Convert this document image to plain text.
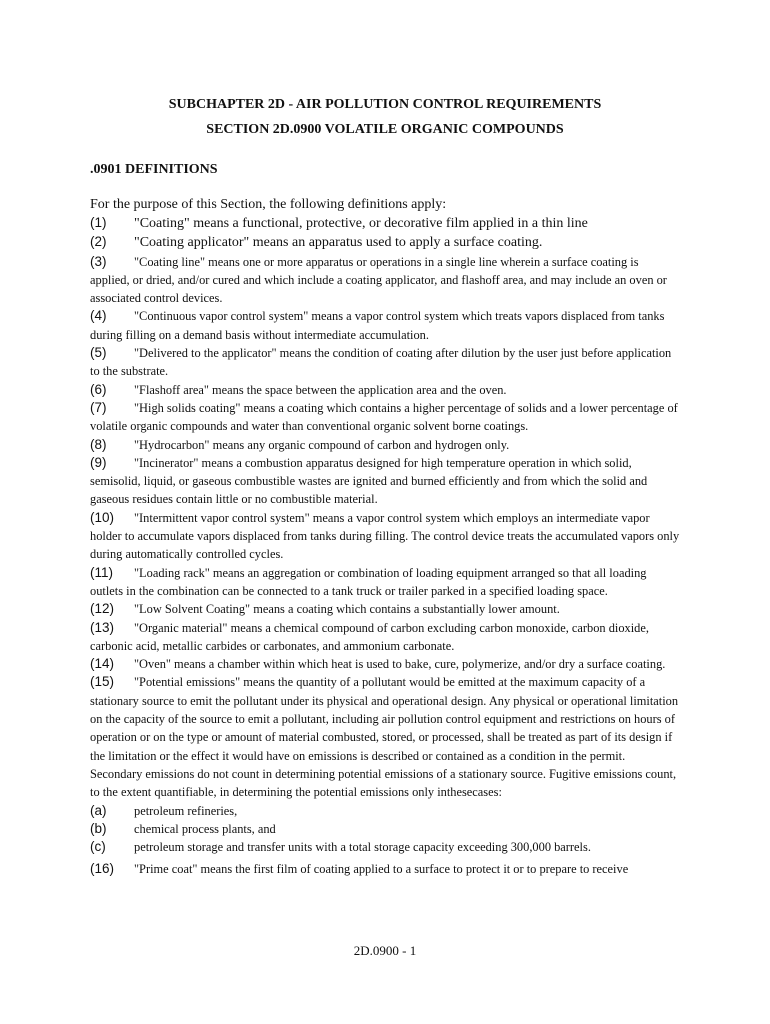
SUBCHAPTER 2D - AIR POLLUTION CONTROL REQUIREMENTS
SECTION 2D.0900 VOLATILE ORGANIC COMPOUNDS
.0901 DEFINITIONS
For the purpose of this Section, the following definitions apply:

(1) "Coating" means a functional, protective, or decorative film applied in a thin line

(2) "Coating applicator" means an apparatus used to apply a surface coating.

(3) "Coating line" means one or more apparatus or operations in a single line wherein a surface coating is applied, or dried, and/or cured and which include a coating applicator, and flashoff area, and may include an oven or associated control devices.

(4) "Continuous vapor control system" means a vapor control system which treats vapors displaced from tanks during filling on a demand basis without intermediate accumulation.

(5) "Delivered to the applicator" means the condition of coating after dilution by the user just before application to the substrate.

(6) "Flashoff area" means the space between the application area and the oven.

(7) "High solids coating" means a coating which contains a higher percentage of solids and a lower percentage of volatile organic compounds and water than conventional organic solvent borne coatings.

(8) "Hydrocarbon" means any organic compound of carbon and hydrogen only.

(9) "Incinerator" means a combustion apparatus designed for high temperature operation in which solid, semisolid, liquid, or gaseous combustible wastes are ignited and burned efficiently and from which the solid and gaseous residues contain little or no combustible material.

(10) "Intermittent vapor control system" means a vapor control system which employs an intermediate vapor holder to accumulate vapors displaced from tanks during filling. The control device treats the accumulated vapors only during automatically controlled cycles.

(11) "Loading rack" means an aggregation or combination of loading equipment arranged so that all loading outlets in the combination can be connected to a tank truck or trailer parked in a specified loading space.

(12) "Low Solvent Coating" means a coating which contains a substantially lower amount.

(13) "Organic material" means a chemical compound of carbon excluding carbon monoxide, carbon dioxide, carbonic acid, metallic carbides or carbonates, and ammonium carbonate.

(14) "Oven" means a chamber within which heat is used to bake, cure, polymerize, and/or dry a surface coating.

(15) "Potential emissions" means the quantity of a pollutant would be emitted at the maximum capacity of a stationary source to emit the pollutant under its physical and operational design. Any physical or operational limitation on the capacity of the source to emit a pollutant, including air pollution control equipment and restrictions on hours of operation or on the type or amount of material combusted, stored, or processed, shall be treated as part of its design if the limitation or the effect it would have on emissions is described or contained as a condition in the permit. Secondary emissions do not count in determining potential emissions of a stationary source. Fugitive emissions count, to the extent quantifiable, in determining the potential emissions only inthesecases:

(a) petroleum refineries,

(b) chemical process plants, and

(c) petroleum storage and transfer units with a total storage capacity exceeding 300,000 barrels.

(16) "Prime coat" means the first film of coating applied to a surface to protect it or to prepare to receive

2D.0900 - 1
